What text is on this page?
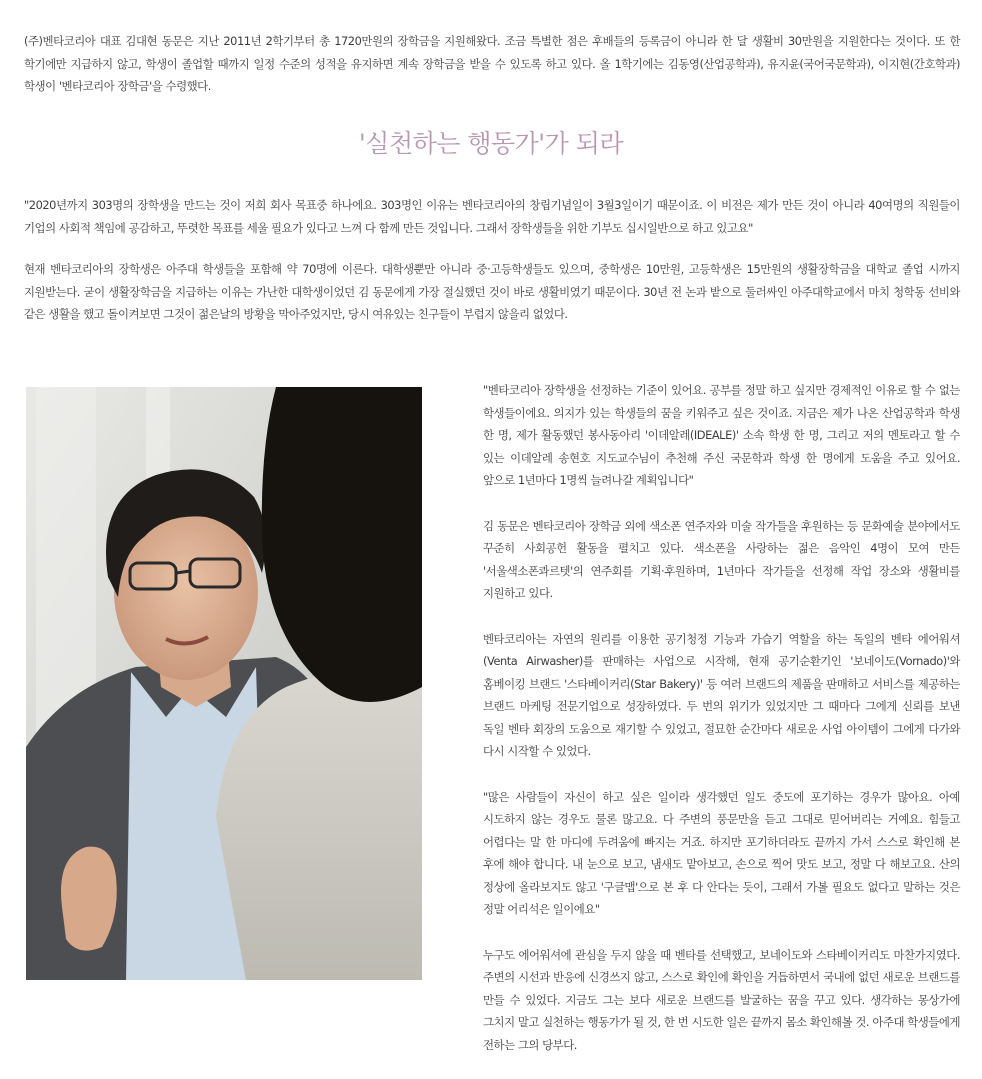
(주)벤타코리아 대표 김대현 동문은 지난 2011년 2학기부터 총 1720만원의 장학금을 지원해왔다. 조금 특별한 점은 후배들의 등록금이 아니라 한 달 생활비 30만원을 지원한다는 것이다. 또 한 학기에만 지급하지 않고, 학생이 졸업할 때까지 일정 수준의 성적을 유지하면 계속 장학금을 받을 수 있도록 하고 있다. 올 1학기에는 김동영(산업공학과), 유지윤(국어국문학과), 이지현(간호학과) 학생이 '벤타코리아 장학금'을 수령했다.

'실천하는 행동가'가 되라

"2020년까지 303명의 장학생을 만드는 것이 저희 회사 목표중 하나에요. 303명인 이유는 벤타코리아의 창립기념일이 3월3일이기 때문이죠. 이 비전은 제가 만든 것이 아니라 40여명의 직원들이 기업의 사회적 책임에 공감하고, 뚜렷한 목표를 세울 필요가 있다고 느껴 다 함께 만든 것입니다. 그래서 장학생들을 위한 기부도 십시일반으로 하고 있고요"

현재 벤타코리아의 장학생은 아주대 학생들을 포함해 약 70명에 이른다. 대학생뿐만 아니라 중·고등학생들도 있으며, 중학생은 10만원, 고등학생은 15만원의 생활장학금을 대학교 졸업 시까지 지원받는다. 굳이 생활장학금을 지급하는 이유는 가난한 대학생이었던 김 동문에게 가장 절실했던 것이 바로 생활비였기 때문이다. 30년 전 논과 밭으로 둘러싸인 아주대학교에서 마치 청학동 선비와 같은 생활을 했고 돌이켜보면 그것이 젊은날의 방황을 막아주었지만, 당시 여유있는 친구들이 부럽지 않을리 없었다.

"벤타코리아 장학생을 선정하는 기준이 있어요. 공부를 정말 하고 싶지만 경제적인 이유로 할 수 없는 학생들이에요. 의지가 있는 학생들의 꿈을 키워주고 싶은 것이죠. 지금은 제가 나온 산업공학과 학생 한 명, 제가 활동했던 봉사동아리 '이데알레(IDEALE)' 소속 학생 한 명, 그리고 저의 멘토라고 할 수 있는 이데알레 송현호 지도교수님이 추천해 주신 국문학과 학생 한 명에게 도움을 주고 있어요. 앞으로 1년마다 1명씩 늘려나갈 계획입니다"

김 동문은 벤타코리아 장학금 외에 색소폰 연주자와 미술 작가들을 후원하는 등 문화예술 분야에서도 꾸준히 사회공헌 활동을 펼치고 있다. 색소폰을 사랑하는 젊은 음악인 4명이 모여 만든 '서울색소폰콰르텟'의 연주회를 기획·후원하며, 1년마다 작가들을 선정해 작업 장소와 생활비를 지원하고 있다.

벤타코리아는 자연의 원리를 이용한 공기청정 기능과 가습기 역할을 하는 독일의 벤타 에어워셔(Venta Airwasher)를 판매하는 사업으로 시작해, 현재 공기순환기인 '보네이도(Vornado)'와 홈베이킹 브랜드 '스타베이커리(Star Bakery)' 등 여러 브랜드의 제품을 판매하고 서비스를 제공하는 브랜드 마케팅 전문기업으로 성장하였다. 두 번의 위기가 있었지만 그 때마다 그에게 신뢰를 보낸 독일 벤타 회장의 도움으로 재기할 수 있었고, 절묘한 순간마다 새로운 사업 아이템이 그에게 다가와 다시 시작할 수 있었다.

"많은 사람들이 자신이 하고 싶은 일이라 생각했던 일도 중도에 포기하는 경우가 많아요. 아예 시도하지 않는 경우도 물론 많고요. 다 주변의 풍문만을 듣고 그대로 믿어버리는 거예요. 힘들고 어렵다는 말 한 마디에 두려움에 빠지는 거죠. 하지만 포기하더라도 끝까지 가서 스스로 확인해 본 후에 해야 합니다. 내 눈으로 보고, 냄새도 맡아보고, 손으로 찍어 맛도 보고, 정말 다 해보고요. 산의 정상에 올라보지도 않고 '구글맵'으로 본 후 다 안다는 듯이, 그래서 가볼 필요도 없다고 말하는 것은 정말 어리석은 일이에요"

누구도 에어워셔에 관심을 두지 않을 때 벤타를 선택했고, 보네이도와 스타베이커리도 마찬가지였다. 주변의 시선과 반응에 신경쓰지 않고, 스스로 확인에 확인을 거듭하면서 국내에 없던 새로운 브랜드를 만들 수 있었다. 지금도 그는 보다 새로운 브랜드를 발굴하는 꿈을 꾸고 있다. 생각하는 몽상가에 그치지 말고 실천하는 행동가가 될 것, 한 번 시도한 일은 끝까지 몸소 확인해볼 것. 아주대 학생들에게 전하는 그의 당부다.
